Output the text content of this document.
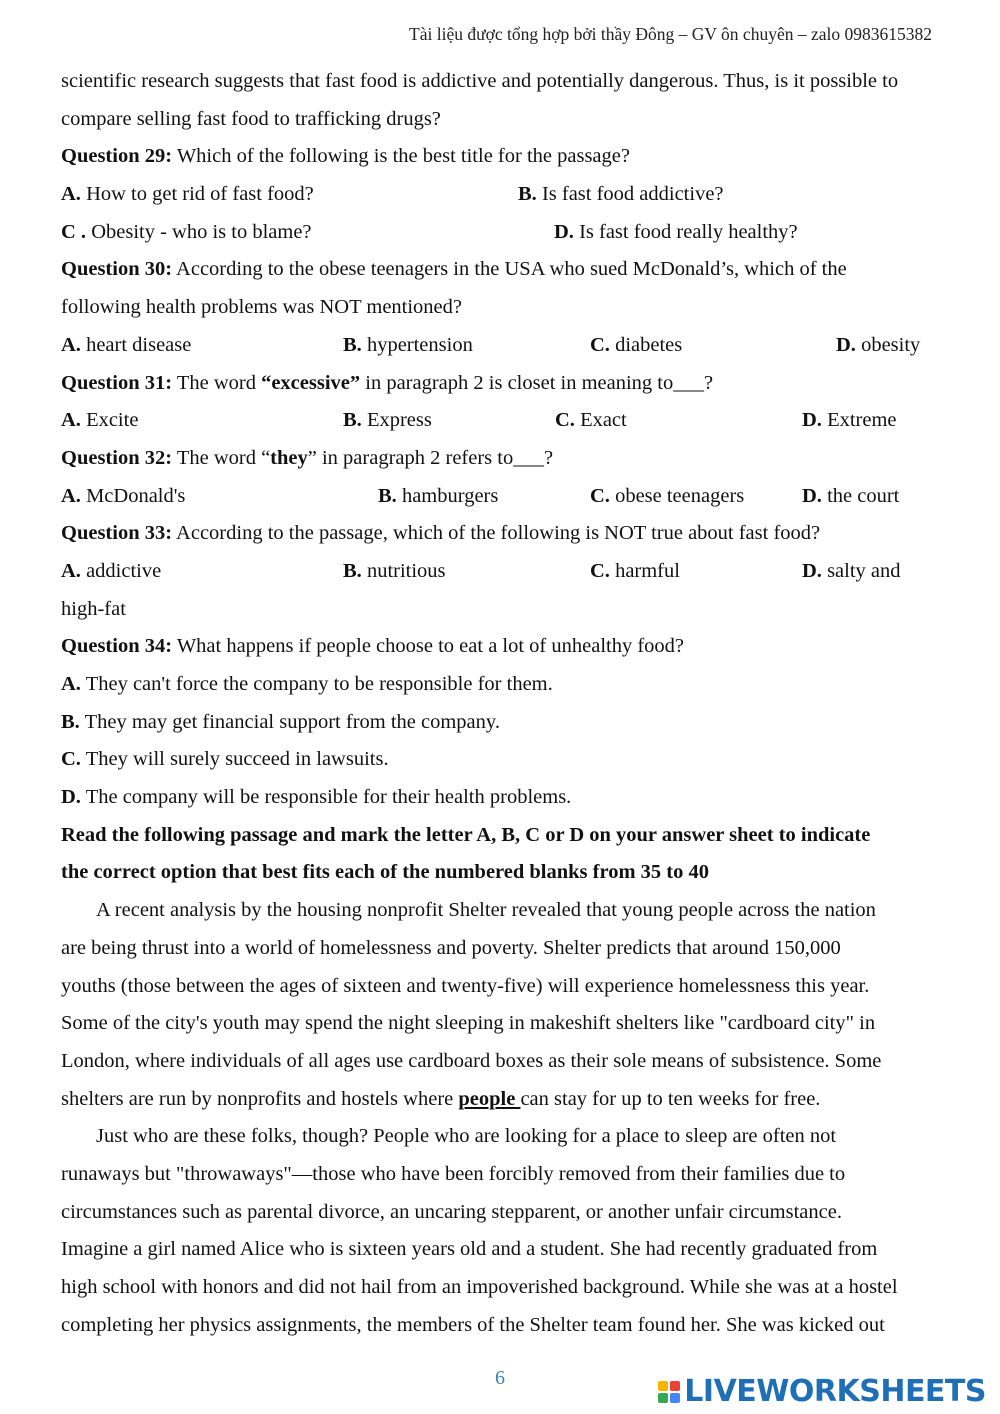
Tài liệu được tổng hợp bởi thầy Đông – GV ôn chuyên – zalo 0983615382
scientific research suggests that fast food is addictive and potentially dangerous. Thus, is it possible to
compare selling fast food to trafficking drugs?
Question 29: Which of the following is the best title for the passage?
A. How to get rid of fast food?	B. Is fast food addictive?
C . Obesity - who is to blame?	D. Is fast food really healthy?
Question 30: According to the obese teenagers in the USA who sued McDonald’s, which of the
following health problems was NOT mentioned?
A. heart disease	B. hypertension	C. diabetes	D. obesity
Question 31: The word “excessive” in paragraph 2 is closet in meaning to___?
A. Excite	B. Express	C. Exact	D. Extreme
Question 32: The word “they” in paragraph 2 refers to___?
A. McDonald's	B. hamburgers	C. obese teenagers	D. the court
Question 33: According to the passage, which of the following is NOT true about fast food?
A. addictive	B. nutritious	C. harmful	D. salty and
high-fat
Question 34: What happens if people choose to eat a lot of unhealthy food?
A. They can't force the company to be responsible for them.
B. They may get financial support from the company.
C. They will surely succeed in lawsuits.
D. The company will be responsible for their health problems.
Read the following passage and mark the letter A, B, C or D on your answer sheet to indicate
the correct option that best fits each of the numbered blanks from 35 to 40
A recent analysis by the housing nonprofit Shelter revealed that young people across the nation
are being thrust into a world of homelessness and poverty. Shelter predicts that around 150,000
youths (those between the ages of sixteen and twenty-five) will experience homelessness this year.
Some of the city's youth may spend the night sleeping in makeshift shelters like "cardboard city" in
London, where individuals of all ages use cardboard boxes as their sole means of subsistence. Some
shelters are run by nonprofits and hostels where people can stay for up to ten weeks for free.
Just who are these folks, though? People who are looking for a place to sleep are often not
runaways but "throwaways"—those who have been forcibly removed from their families due to
circumstances such as parental divorce, an uncaring stepparent, or another unfair circumstance.
Imagine a girl named Alice who is sixteen years old and a student. She had recently graduated from
high school with honors and did not hail from an impoverished background. While she was at a hostel
completing her physics assignments, the members of the Shelter team found her. She was kicked out
6	LIVEWORKSHEETS
